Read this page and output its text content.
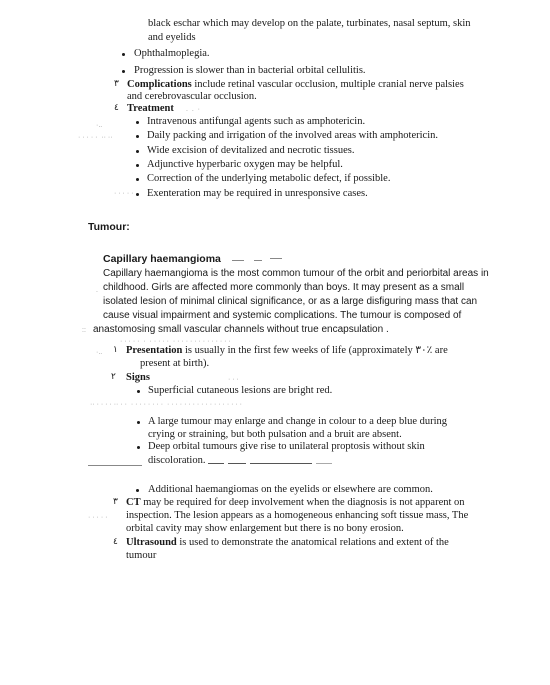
black eschar which may develop on the palate, turbinates, nasal septum, skin
and eyelids
Ophthalmoplegia.
Progression is slower than in bacterial orbital cellulitis.
٣ Complications include retinal vascular occlusion, multiple cranial nerve palsies
and cerebrovascular occlusion.
٤ Treatment .  .  ·
·..
· · · · ·  ·· ··
· · · · ·
Intravenous antifungal agents such as amphotericin.
Daily packing and irrigation of the involved areas with amphotericin.
Wide excision of devitalized and necrotic tissues.
Adjunctive hyperbaric oxygen may be helpful.
Correction of the underlying metabolic defect, if possible.
Exenteration may be required in unresponsive cases.
Tumour:
Capillary haemangioma
Capillary haemangioma is the most common tumour of the orbit and periorbital areas in
childhood. Girls are affected more commonly than boys. It may present as a small
isolated lesion of minimal clinical significance, or as a large disfiguring mass that can
cause visual impairment and systemic complications. The tumour is composed of
anastomosing small vascular channels without true encapsulation .
::
.
· · · · ·  ·  · · · · ·  · · · · · · · · · · · · · ·
١
·.. Presentation is usually in the first few weeks of life (approximately ٣٠٪ are
present at birth).
٢ Signs	· · ·
Superficial cutaneous lesions are bright red.
·· · · · · ·· · ·  · · · · · · · ·  · · · · · · · · · · · · · · · · · ·
A large tumour may enlarge and change in colour to a deep blue during
crying or straining, but both pulsation and a bruit are absent.
Deep orbital tumours give rise to unilateral proptosis without skin
discoloration.
Additional haemangiomas on the eyelids or elsewhere are common.
٣ CT may be required for deep involvement when the diagnosis is not apparent on
· · · · · inspection. The lesion appears as a homogeneous enhancing soft tissue mass, The
orbital cavity may show enlargement but there is no bony erosion.
٤ Ultrasound is used to demonstrate the anatomical relations and extent of the
tumour
